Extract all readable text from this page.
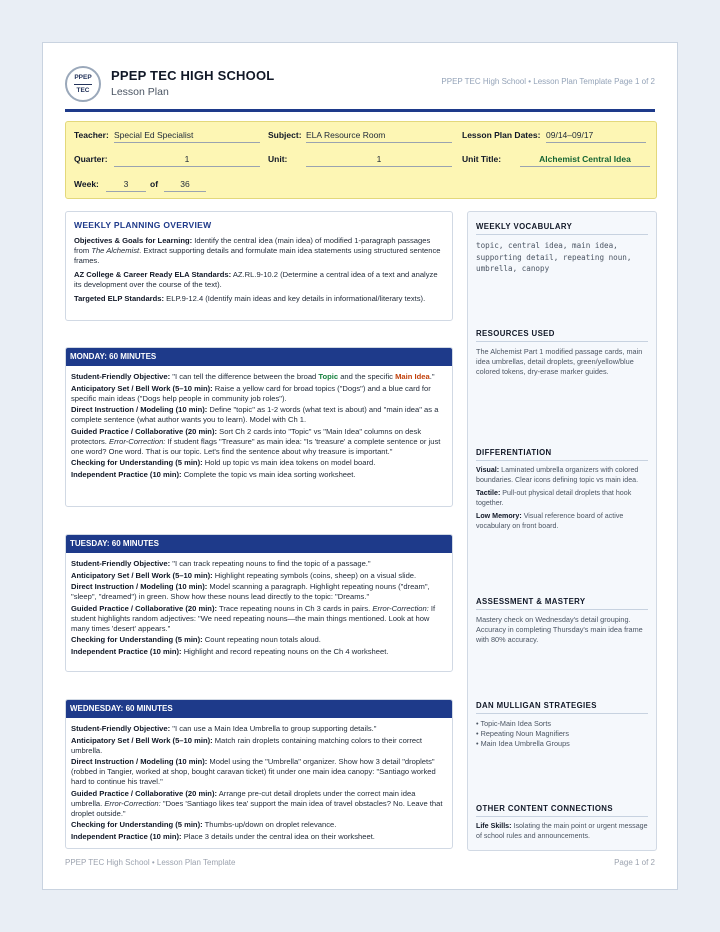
PPEP
TEC
PPEP TEC HIGH SCHOOL
Lesson Plan
PPEP TEC High School • Lesson Plan Template Page 1 of 2
Teacher: Special Ed Specialist	Subject: ELA Resource Room	Lesson Plan Dates: 09/14–09/17
Quarter:	1	Unit:	1	Unit Title:	Alchemist Central Idea
Week:	3	of	36
WEEKLY PLANNING OVERVIEW
Objectives & Goals for Learning: Identify the central idea (main idea) of modified 1-paragraph passages from The Alchemist. Extract supporting details and formulate main idea statements using structured sentence frames.
AZ College & Career Ready ELA Standards: AZ.RL.9-10.2 (Determine a central idea of a text and analyze its development over the course of the text).
Targeted ELP Standards: ELP.9-12.4 (Identify main ideas and key details in informational/literary texts).
MONDAY: 60 MINUTES
Student-Friendly Objective: "I can tell the difference between the broad Topic and the specific Main Idea."
Anticipatory Set / Bell Work (5–10 min): Raise a yellow card for broad topics ("Dogs") and a blue card for specific main ideas ("Dogs help people in community job roles").
Direct Instruction / Modeling (10 min): Define "topic" as 1-2 words (what text is about) and "main idea" as a complete sentence (what author wants you to learn). Model with Ch 1.
Guided Practice / Collaborative (20 min): Sort Ch 2 cards into "Topic" vs "Main Idea" columns on desk protectors. Error-Correction: If student flags "Treasure" as main idea: "Is 'treasure' a complete sentence or just one word? One word. That is our topic. Let's find the sentence about why treasure is important."
Checking for Understanding (5 min): Hold up topic vs main idea tokens on model board.
Independent Practice (10 min): Complete the topic vs main idea sorting worksheet.
TUESDAY: 60 MINUTES
Student-Friendly Objective: "I can track repeating nouns to find the topic of a passage."
Anticipatory Set / Bell Work (5–10 min): Highlight repeating symbols (coins, sheep) on a visual slide.
Direct Instruction / Modeling (10 min): Model scanning a paragraph. Highlight repeating nouns ("dream", "sleep", "dreamed") in green. Show how these nouns lead directly to the topic: "Dreams."
Guided Practice / Collaborative (20 min): Trace repeating nouns in Ch 3 cards in pairs. Error-Correction: If student highlights random adjectives: "We need repeating nouns—the main things mentioned. Look at how many times 'desert' appears."
Checking for Understanding (5 min): Count repeating noun totals aloud.
Independent Practice (10 min): Highlight and record repeating nouns on the Ch 4 worksheet.
WEDNESDAY: 60 MINUTES
Student-Friendly Objective: "I can use a Main Idea Umbrella to group supporting details."
Anticipatory Set / Bell Work (5–10 min): Match rain droplets containing matching colors to their correct umbrella.
Direct Instruction / Modeling (10 min): Model using the "Umbrella" organizer. Show how 3 detail "droplets" (robbed in Tangier, worked at shop, bought caravan ticket) fit under one main idea canopy: "Santiago worked hard to continue his travel."
Guided Practice / Collaborative (20 min): Arrange pre-cut detail droplets under the correct main idea umbrella. Error-Correction: "Does 'Santiago likes tea' support the main idea of travel obstacles? No. Leave that droplet outside."
Checking for Understanding (5 min): Thumbs-up/down on droplet relevance.
Independent Practice (10 min): Place 3 details under the central idea on their worksheet.
WEEKLY VOCABULARY
topic, central idea, main idea, supporting detail, repeating noun, umbrella, canopy
RESOURCES USED
The Alchemist Part 1 modified passage cards, main idea umbrellas, detail droplets, green/yellow/blue colored tokens, dry-erase marker guides.
DIFFERENTIATION
Visual: Laminated umbrella organizers with colored boundaries. Clear icons defining topic vs main idea.
Tactile: Pull-out physical detail droplets that hook together.
Low Memory: Visual reference board of active vocabulary on front board.
ASSESSMENT & MASTERY
Mastery check on Wednesday's detail grouping. Accuracy in completing Thursday's main idea frame with 80% accuracy.
DAN MULLIGAN STRATEGIES
• Topic-Main Idea Sorts
• Repeating Noun Magnifiers
• Main Idea Umbrella Groups
OTHER CONTENT CONNECTIONS
Life Skills: Isolating the main point or urgent message of school rules and announcements.
PPEP TEC High School • Lesson Plan Template	Page 1 of 2
